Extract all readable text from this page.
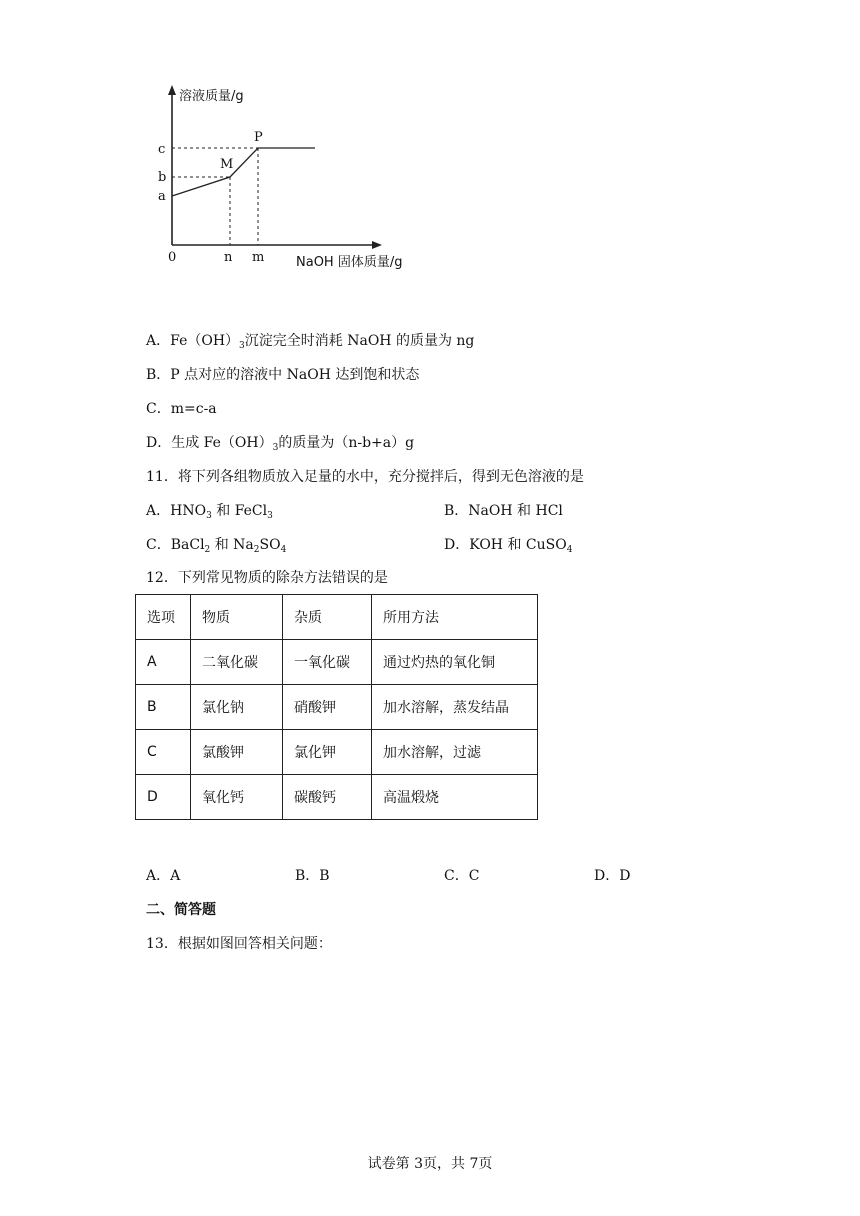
溶液质量/g
c
b
a
M
P
0	n m NaOH 固体质量/g
A．$Fe(OH)_3$沉淀完全时消耗 NaOH 的质量为 ng
B．P 点对应的溶液中 NaOH 达到饱和状态
C．m=c-a
D．生成 $Fe(OH)_3$的质量为（n-b+a）g
11．将下列各组物质放入足量的水中，充分搅拌后，得到无色溶液的是
A．$HNO_3$ 和 FeCl$_3$	B．NaOH 和 HCl
C．BaCl$_2$ 和 $Na_2SO_4$	D．KOH 和 CuSO$_4$
12．下列常见物质的除杂方法错误的是
选项	物质	杂质	所用方法
A	二氧化碳	一氧化碳	通过灼热的氧化铜
B	氯化钠	硝酸钾	加水溶解，蒸发结晶
C	氯酸钾	氯化钾	加水溶解，过滤
D	氧化钙	碳酸钙	高温煅烧
A．A	B．B	C．C	D．D
二、简答题
13．根据如图回答相关问题：
试卷第 3页，共 7页
